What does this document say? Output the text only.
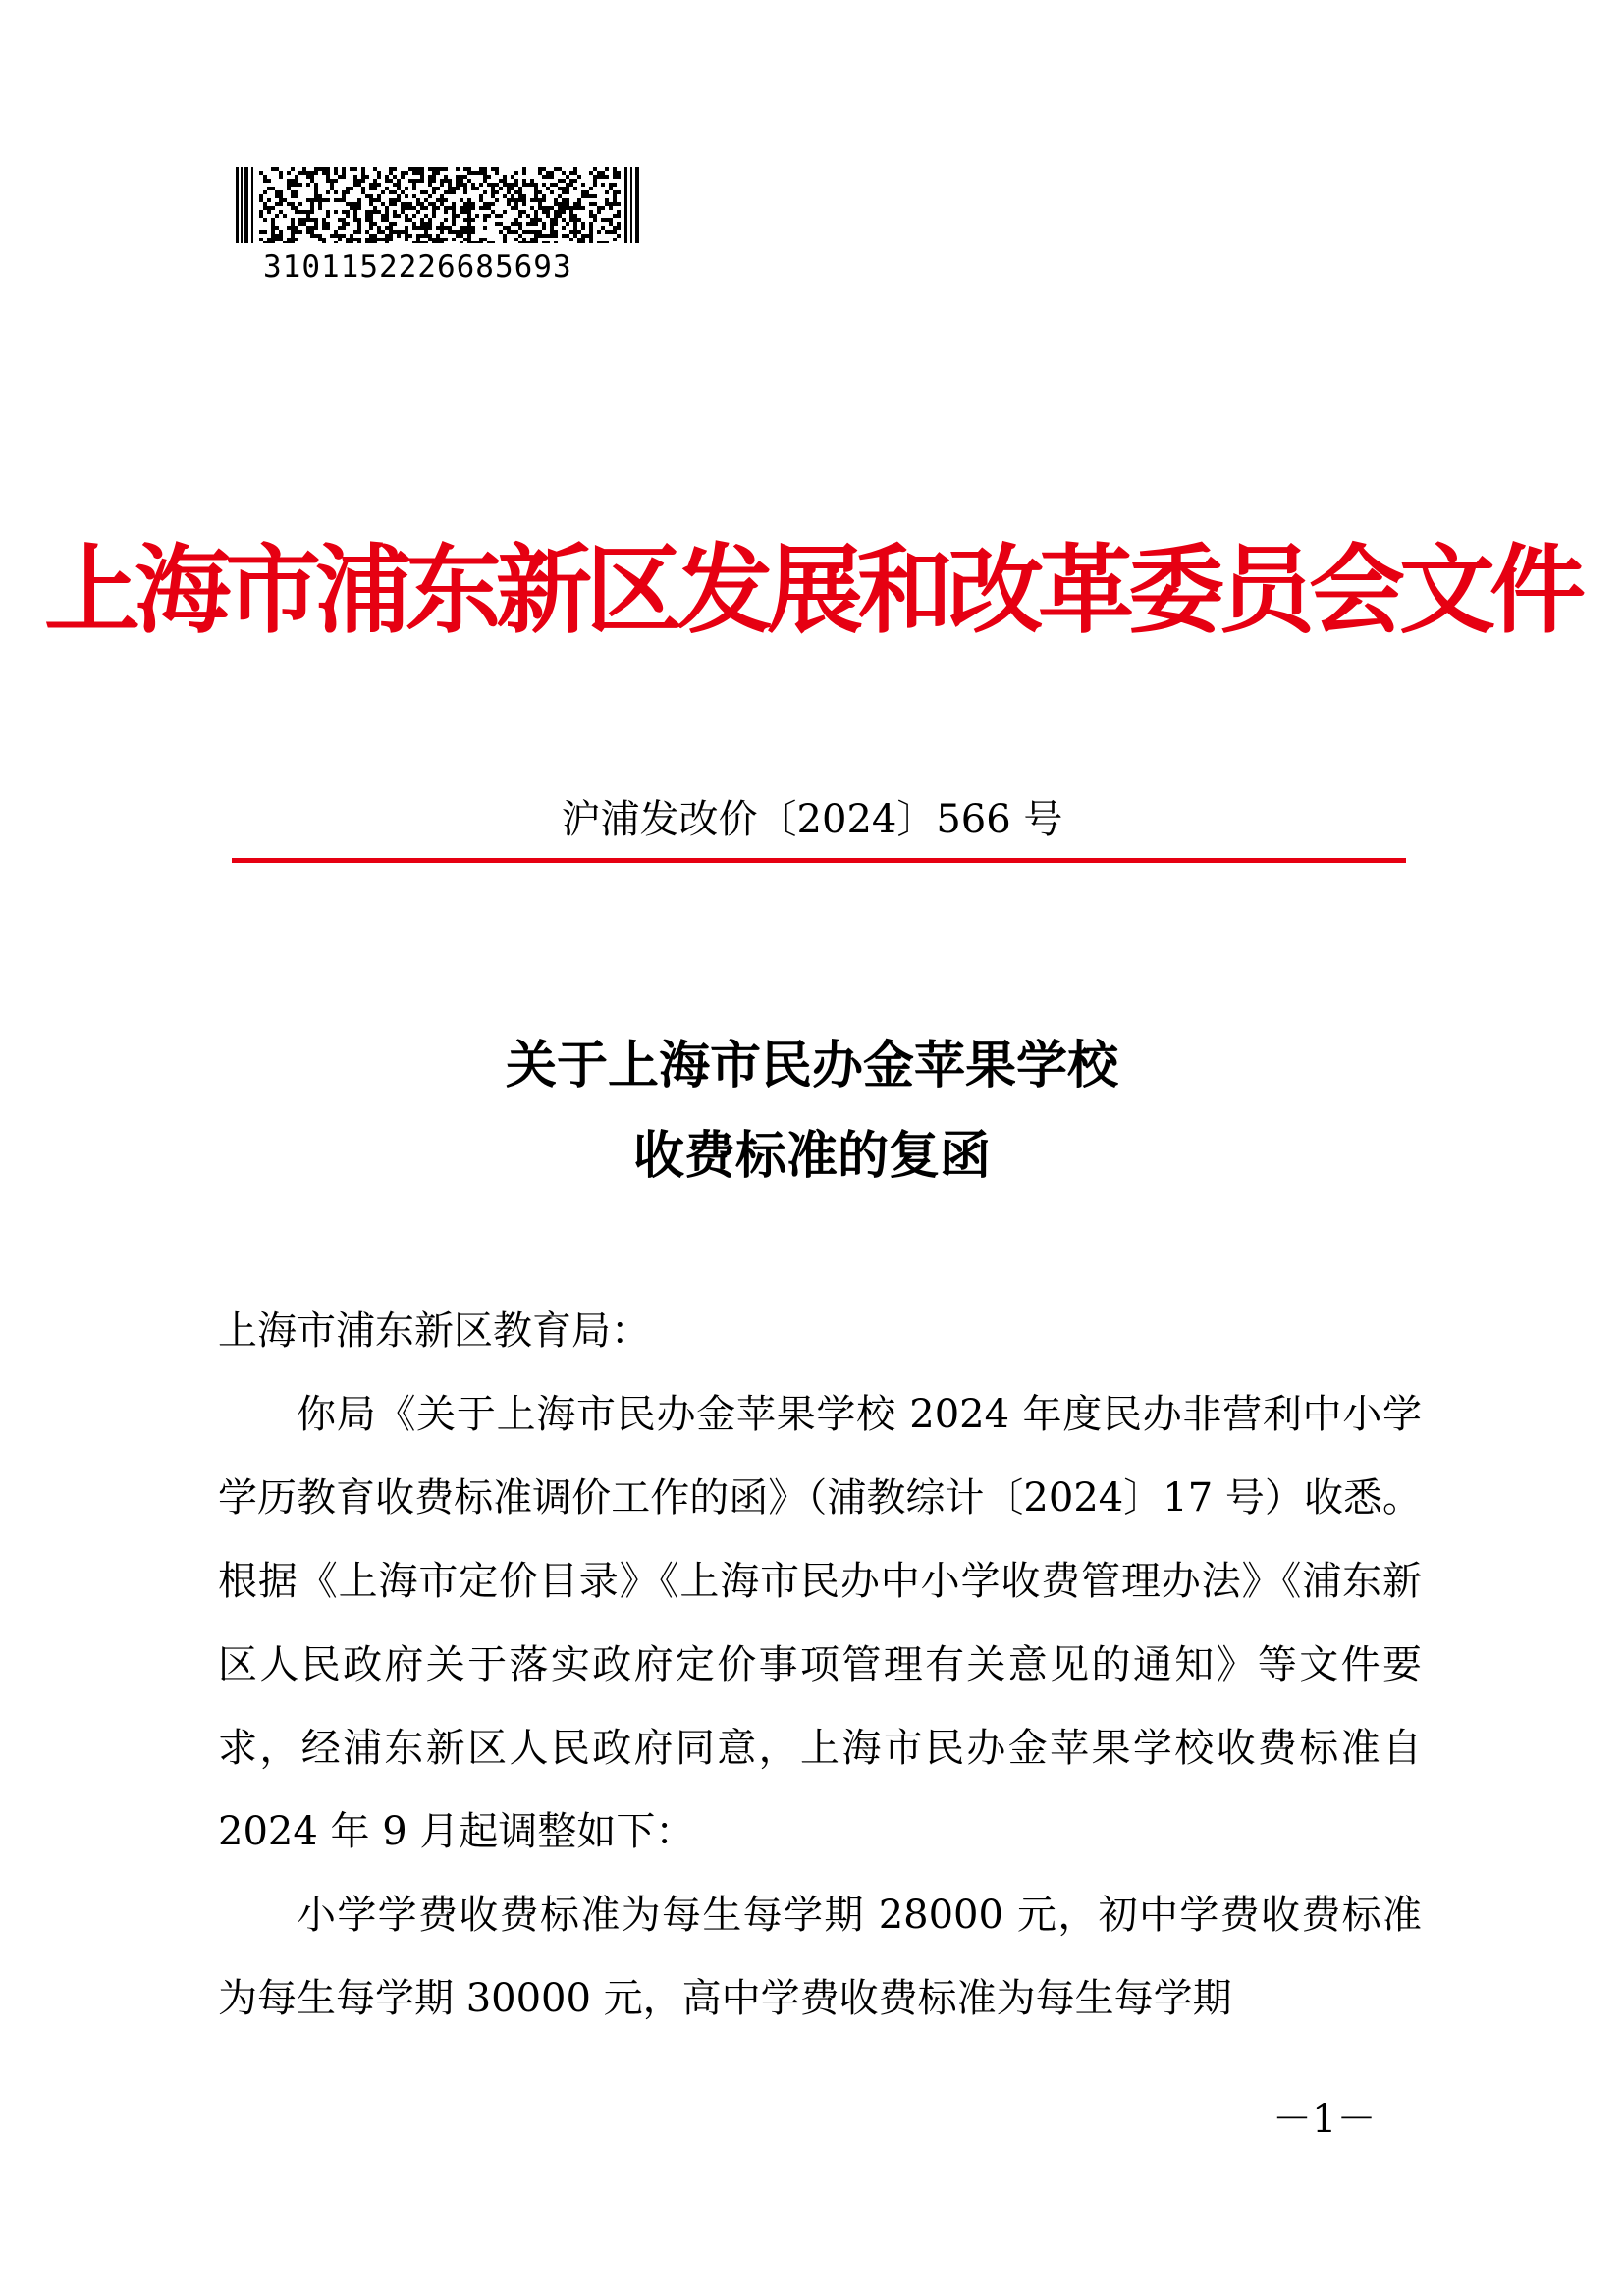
3101152226685693
上海市浦东新区发展和改革委员会文件
沪浦发改价〔2024〕566 号
关于上海市民办金苹果学校
收费标准的复函

上海市浦东新区教育局：

你局《关于上海市民办金苹果学校 2024 年度民办非营利中小学学历教育收费标准调价工作的函》（浦教综计〔2024〕17 号）收悉。根据《上海市定价目录》《上海市民办中小学收费管理办法》《浦东新区人民政府关于落实政府定价事项管理有关意见的通知》等文件要求，经浦东新区人民政府同意，上海市民办金苹果学校收费标准自 2024 年 9 月起调整如下：

小学学费收费标准为每生每学期 28000 元，初中学费收费标准为每生每学期 30000 元，高中学费收费标准为每生每学期

－1－
